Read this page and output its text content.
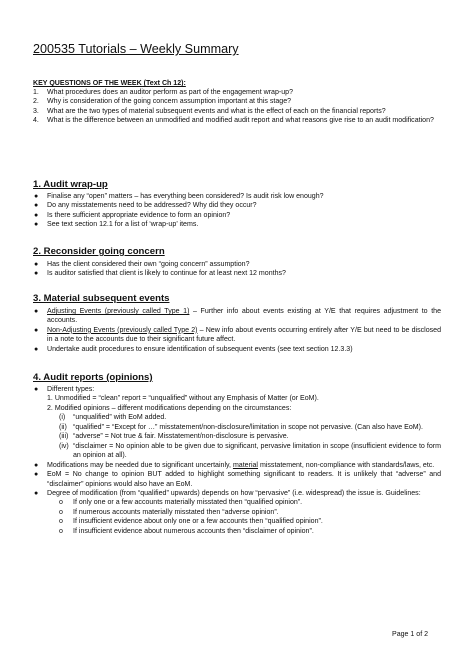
200535 Tutorials – Weekly Summary
KEY QUESTIONS OF THE WEEK (Text Ch 12):
1. What procedures does an auditor perform as part of the engagement wrap-up?
2. Why is consideration of the going concern assumption important at this stage?
3. What are the two types of material subsequent events and what is the effect of each on the financial reports?
4. What is the difference between an unmodified and modified audit report and what reasons give rise to an audit modification?
1. Audit wrap-up
● Finalise any “open” matters – has everything been considered? Is audit risk low enough?
● Do any misstatements need to be addressed? Why did they occur?
● Is there sufficient appropriate evidence to form an opinion?
● See text section 12.1 for a list of ‘wrap-up’ items.
2. Reconsider going concern
● Has the client considered their own “going concern” assumption?
● Is auditor satisfied that client is likely to continue for at least next 12 months?
3. Material subsequent events
● Adjusting Events (previously called Type 1) – Further info about events existing at Y/E that requires adjustment to the accounts.
● Non-Adjusting Events (previously called Type 2) – New info about events occurring entirely after Y/E but need to be disclosed in a note to the accounts due to their significant future affect.
● Undertake audit procedures to ensure identification of subsequent events (see text section 12.3.3)
4. Audit reports (opinions)
● Different types:
1. Unmodified = “clean” report = “unqualified” without any Emphasis of Matter (or EoM).
2. Modified opinions – different modifications depending on the circumstances:
(i) “unqualified” with EoM added.
(ii) “qualified” = “Except for …” misstatement/non-disclosure/limitation in scope not pervasive. (Can also have EoM).
(iii) “adverse” = Not true & fair. Misstatement/non-disclosure is pervasive.
(iv) “disclaimer = No opinion able to be given due to significant, pervasive limitation in scope (insufficient evidence to form an opinion at all).
● Modifications may be needed due to significant uncertainly, material misstatement, non-compliance with standards/laws, etc.
● EoM = No change to opinion BUT added to highlight something significant to readers. It is unlikely that “adverse” and “disclaimer” opinions would also have an EoM.
● Degree of modification (from “qualified” upwards) depends on how “pervasive” (i.e. widespread) the issue is. Guidelines:
o If only one or a few accounts materially misstated then “qualified opinion”.
o If numerous accounts materially misstated then “adverse opinion”.
o If insufficient evidence about only one or a few accounts then “qualified opinion”.
o If insufficient evidence about numerous accounts then “disclaimer of opinion”.
Page 1 of 2
